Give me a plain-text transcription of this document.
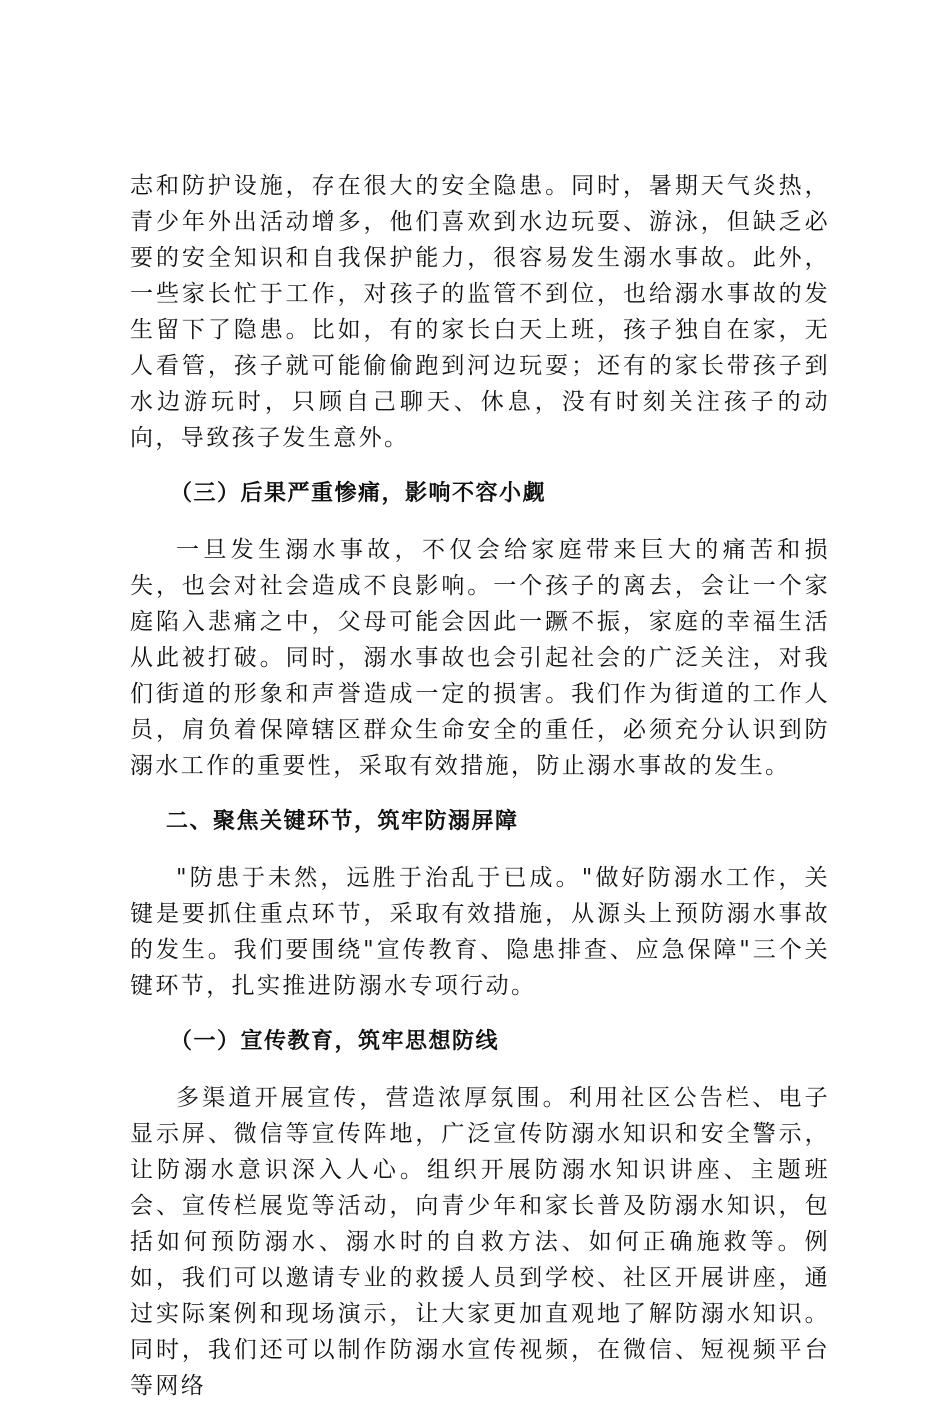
志和防护设施，存在很大的安全隐患。同时，暑期天气炎热，青少年外出活动增多，他们喜欢到水边玩耍、游泳，但缺乏必要的安全知识和自我保护能力，很容易发生溺水事故。此外，一些家长忙于工作，对孩子的监管不到位，也给溺水事故的发生留下了隐患。比如，有的家长白天上班，孩子独自在家，无人看管，孩子就可能偷偷跑到河边玩耍；还有的家长带孩子到水边游玩时，只顾自己聊天、休息，没有时刻关注孩子的动向，导致孩子发生意外。

（三）后果严重惨痛，影响不容小觑

一旦发生溺水事故，不仅会给家庭带来巨大的痛苦和损失，也会对社会造成不良影响。一个孩子的离去，会让一个家庭陷入悲痛之中，父母可能会因此一蹶不振，家庭的幸福生活从此被打破。同时，溺水事故也会引起社会的广泛关注，对我们街道的形象和声誉造成一定的损害。我们作为街道的工作人员，肩负着保障辖区群众生命安全的重任，必须充分认识到防溺水工作的重要性，采取有效措施，防止溺水事故的发生。

二、聚焦关键环节，筑牢防溺屏障

"防患于未然，远胜于治乱于已成。"做好防溺水工作，关键是要抓住重点环节，采取有效措施，从源头上预防溺水事故的发生。我们要围绕"宣传教育、隐患排查、应急保障"三个关键环节，扎实推进防溺水专项行动。

（一）宣传教育，筑牢思想防线

多渠道开展宣传，营造浓厚氛围。利用社区公告栏、电子显示屏、微信等宣传阵地，广泛宣传防溺水知识和安全警示，让防溺水意识深入人心。组织开展防溺水知识讲座、主题班会、宣传栏展览等活动，向青少年和家长普及防溺水知识，包括如何预防溺水、溺水时的自救方法、如何正确施救等。例如，我们可以邀请专业的救援人员到学校、社区开展讲座，通过实际案例和现场演示，让大家更加直观地了解防溺水知识。同时，我们还可以制作防溺水宣传视频，在微信、短视频平台等网络
